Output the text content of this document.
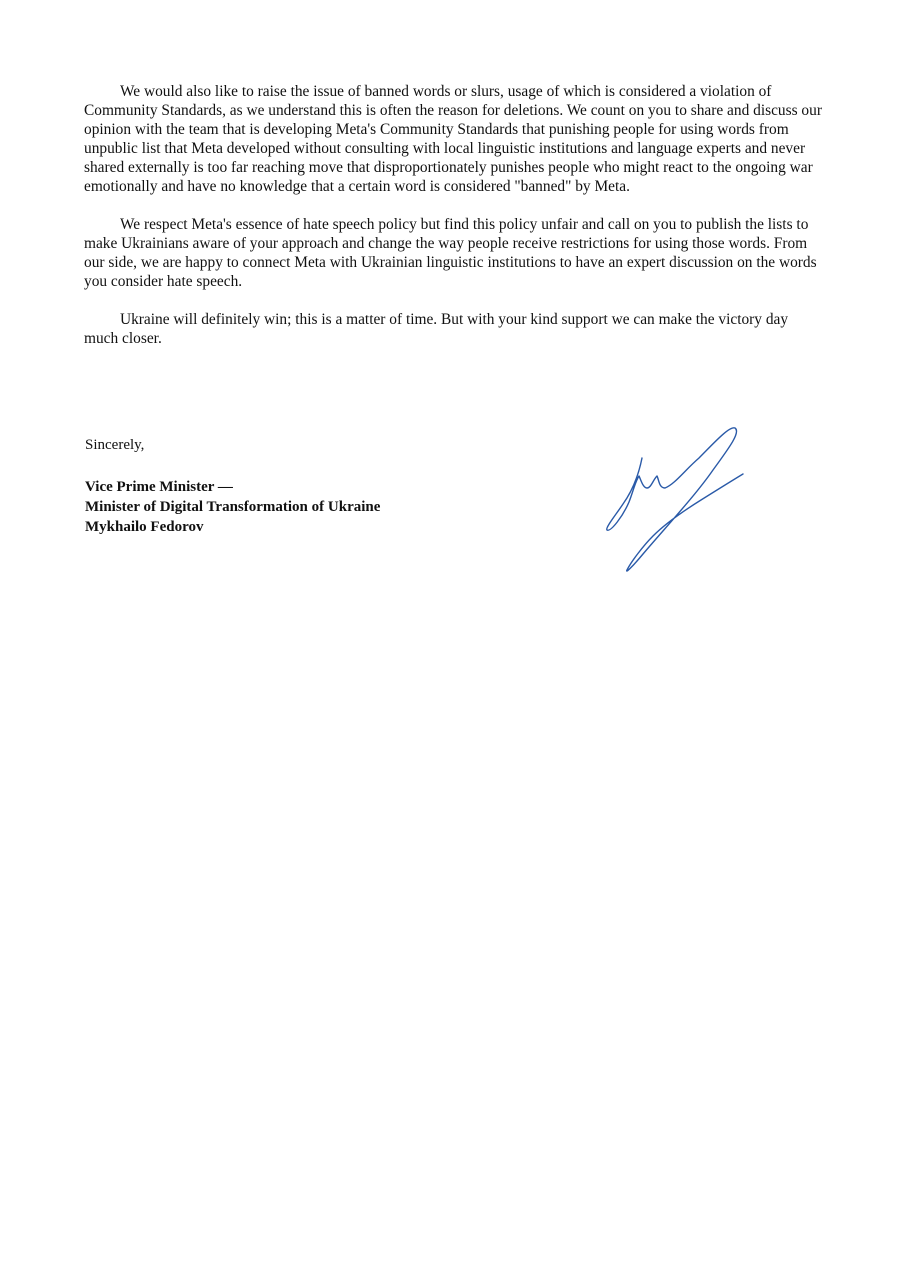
We would also like to raise the issue of banned words or slurs, usage of which is considered a violation of Community Standards, as we understand this is often the reason for deletions. We count on you to share and discuss our opinion with the team that is developing Meta's Community Standards that punishing people for using words from unpublic list that Meta developed without consulting with local linguistic institutions and language experts and never shared externally is too far reaching move that disproportionately punishes people who might react to the ongoing war emotionally and have no knowledge that a certain word is considered "banned" by Meta.

We respect Meta's essence of hate speech policy but find this policy unfair and call on you to publish the lists to make Ukrainians aware of your approach and change the way people receive restrictions for using those words. From our side, we are happy to connect Meta with Ukrainian linguistic institutions to have an expert discussion on the words you consider hate speech.

Ukraine will definitely win; this is a matter of time. But with your kind support we can make the victory day much closer.

Sincerely,
Vice Prime Minister —
Minister of Digital Transformation of Ukraine
Mykhailo Fedorov
